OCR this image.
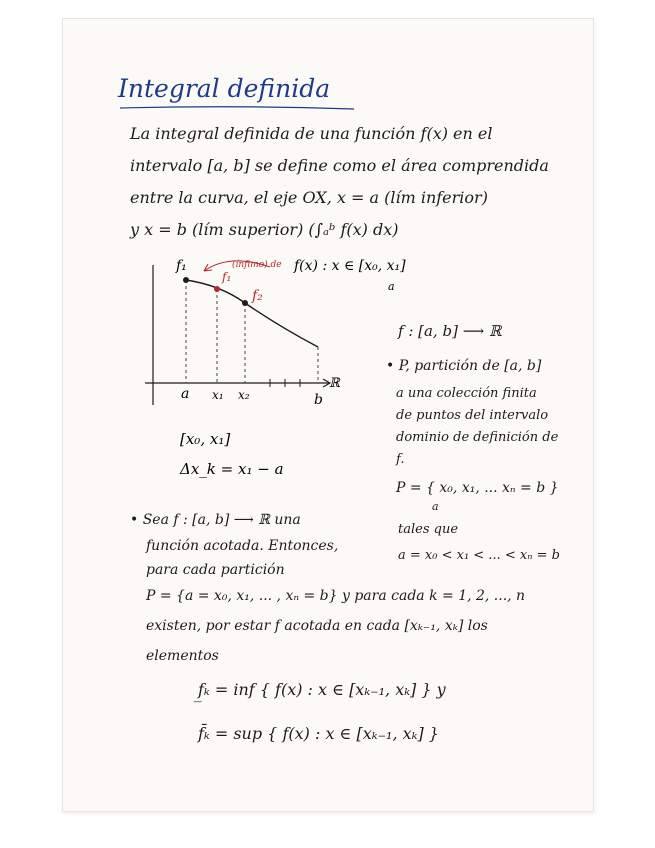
Integral definida
La integral definida de una función f(x) en el
intervalo [a, b] se define como el área comprendida
entre la curva, el eje OX, x = a (lím inferior)
y x = b (lím superior) (∫ₐᵇ f(x) dx)
f₁
f₁
(ínfimo) de
f₂
f(x) : x ∈ [x₀, x₁]
a
a x₁ x₂	b
ℝ
[x₀, x₁]
Δx_k = x₁ − a
f : [a, b] ⟶ ℝ
• P, partición de [a, b]
a una colección finita
de puntos del intervalo
dominio de definición de
f.
P = { x₀, x₁, ... xₙ = b }
a
tales que
a = x₀ < x₁ < ... < xₙ = b
• Sea f : [a, b] ⟶ ℝ una
función acotada. Entonces,
para cada partición
P = {a = x₀, x₁, ... , xₙ = b} y para cada k = 1, 2, ..., n
existen, por estar f acotada en cada [xₖ₋₁, xₖ] los
elementos
f̲ₖ = inf { f(x) : x ∈ [xₖ₋₁, xₖ] } y
f̄ₖ = sup { f(x) : x ∈ [xₖ₋₁, xₖ] }
